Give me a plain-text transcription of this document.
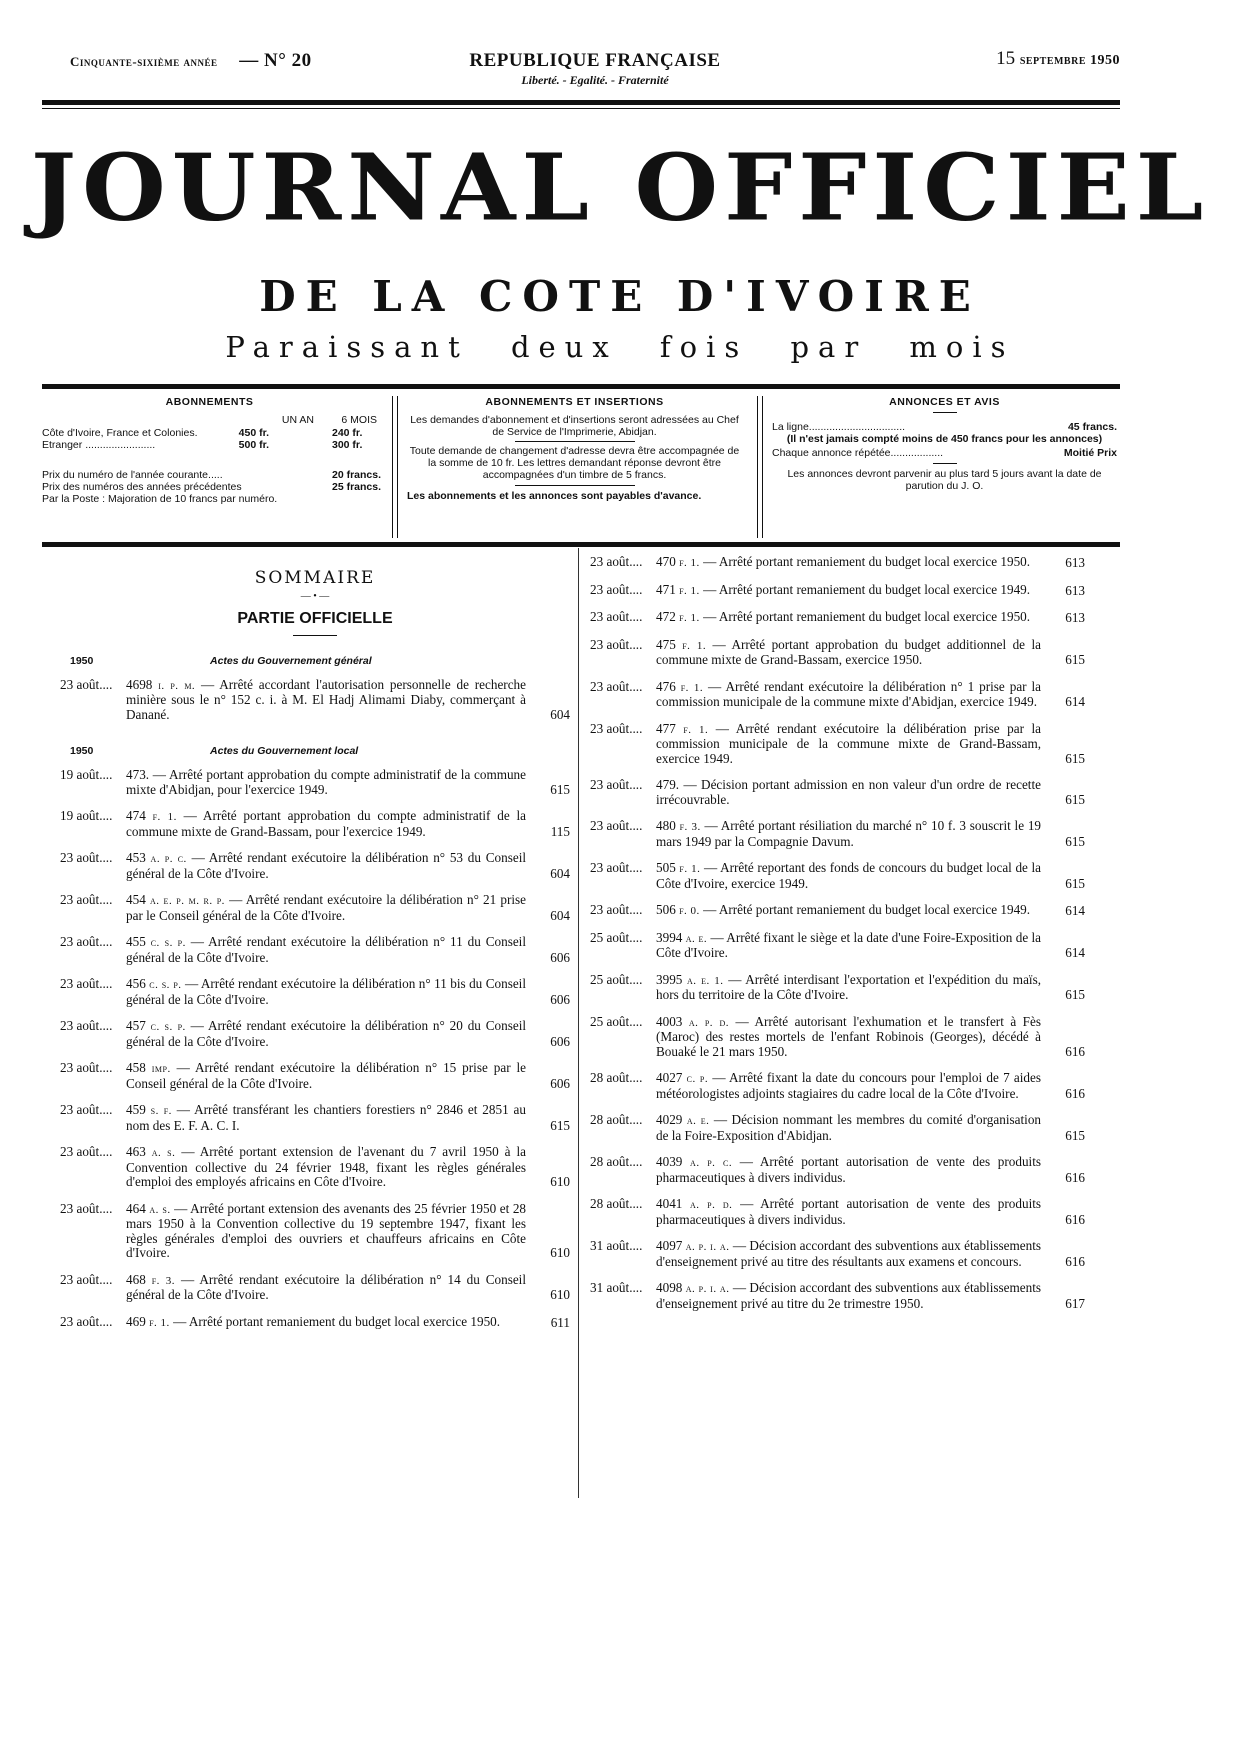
Cinquante-sixième année — N° 20	REPUBLIQUE FRANÇAISE
Liberté. - Egalité. - Fraternité
15 septembre 1950
JOURNAL OFFICIEL
DE LA COTE D'IVOIRE
Paraissant deux fois par mois
ABONNEMENTS
UN AN	6 MOIS
Côte d'Ivoire, France et Colonies.	450 fr.	240 fr.
Etranger ........................	500 fr.	300 fr.
Prix du numéro de l'année courante.....	20 francs.
Prix des numéros des années précédentes	25 francs.
Par la Poste : Majoration de 10 francs par numéro.
ABONNEMENTS ET INSERTIONS
Les demandes d'abonnement et d'insertions seront adressées au Chef de Service de l'Imprimerie, Abidjan.
Toute demande de changement d'adresse devra être accompagnée de la somme de 10 fr. Les lettres demandant réponse devront être accompagnées d'un timbre de 5 francs.
Les abonnements et les annonces sont payables d'avance.
ANNONCES ET AVIS
La ligne.................................	45 francs.
(Il n'est jamais compté moins de 450 francs pour les annonces)
Chaque annonce répétée..................	Moitié Prix
Les annonces devront parvenir au plus tard 5 jours avant la date de parution du J. O.
SOMMAIRE
— • —
PARTIE OFFICIELLE
1950	Actes du Gouvernement général
23 août....	4698 i. p. m. — Arrêté accordant l'autorisation personnelle de recherche minière sous le n° 152 c. i. à M. El Hadj Alimami Diaby, commerçant à Danané.	604
1950	Actes du Gouvernement local
19 août....	473. — Arrêté portant approbation du compte administratif de la commune mixte d'Abidjan, pour l'exercice 1949.	615
19 août....	474 f. 1. — Arrêté portant approbation du compte administratif de la commune mixte de Grand-Bassam, pour l'exercice 1949.	115
23 août....	453 a. p. c. — Arrêté rendant exécutoire la délibération n° 53 du Conseil général de la Côte d'Ivoire.	604
23 août....	454 a. e. p. m. r. p. — Arrêté rendant exécutoire la délibération n° 21 prise par le Conseil général de la Côte d'Ivoire.	604
23 août....	455 c. s. p. — Arrêté rendant exécutoire la délibération n° 11 du Conseil général de la Côte d'Ivoire.	606
23 août....	456 c. s. p. — Arrêté rendant exécutoire la délibération n° 11 bis du Conseil général de la Côte d'Ivoire.	606
23 août....	457 c. s. p. — Arrêté rendant exécutoire la délibération n° 20 du Conseil général de la Côte d'Ivoire.	606
23 août....	458 imp. — Arrêté rendant exécutoire la délibération n° 15 prise par le Conseil général de la Côte d'Ivoire.	606
23 août....	459 s. f. — Arrêté transférant les chantiers forestiers n° 2846 et 2851 au nom des E. F. A. C. I.	615
23 août....	463 a. s. — Arrêté portant extension de l'avenant du 7 avril 1950 à la Convention collective du 24 février 1948, fixant les règles générales d'emploi des employés africains en Côte d'Ivoire.	610
23 août....	464 a. s. — Arrêté portant extension des avenants des 25 février 1950 et 28 mars 1950 à la Convention collective du 19 septembre 1947, fixant les règles générales d'emploi des ouvriers et chauffeurs africains en Côte d'Ivoire.	610
23 août....	468 f. 3. — Arrêté rendant exécutoire la délibération n° 14 du Conseil général de la Côte d'Ivoire.	610
23 août....	469 f. 1. — Arrêté portant remaniement du budget local exercice 1950.	611
23 août....	470 f. 1. — Arrêté portant remaniement du budget local exercice 1950.	613
23 août....	471 f. 1. — Arrêté portant remaniement du budget local exercice 1949.	613
23 août....	472 f. 1. — Arrêté portant remaniement du budget local exercice 1950.	613
23 août....	475 f. 1. — Arrêté portant approbation du budget additionnel de la commune mixte de Grand-Bassam, exercice 1950.	615
23 août....	476 f. 1. — Arrêté rendant exécutoire la délibération n° 1 prise par la commission municipale de la commune mixte d'Abidjan, exercice 1949.	614
23 août....	477 f. 1. — Arrêté rendant exécutoire la délibération prise par la commission municipale de la commune mixte de Grand-Bassam, exercice 1949.	615
23 août....	479. — Décision portant admission en non valeur d'un ordre de recette irrécouvrable.	615
23 août....	480 f. 3. — Arrêté portant résiliation du marché n° 10 f. 3 souscrit le 19 mars 1949 par la Compagnie Davum.	615
23 août....	505 f. 1. — Arrêté reportant des fonds de concours du budget local de la Côte d'Ivoire, exercice 1949.	615
23 août....	506 f. 0. — Arrêté portant remaniement du budget local exercice 1949.	614
25 août....	3994 a. e. — Arrêté fixant le siège et la date d'une Foire-Exposition de la Côte d'Ivoire.	614
25 août....	3995 a. e. 1. — Arrêté interdisant l'exportation et l'expédition du maïs, hors du territoire de la Côte d'Ivoire.	615
25 août....	4003 a. p. d. — Arrêté autorisant l'exhumation et le transfert à Fès (Maroc) des restes mortels de l'enfant Robinois (Georges), décédé à Bouaké le 21 mars 1950.	616
28 août....	4027 c. p. — Arrêté fixant la date du concours pour l'emploi de 7 aides météorologistes adjoints stagiaires du cadre local de la Côte d'Ivoire.	616
28 août....	4029 a. e. — Décision nommant les membres du comité d'organisation de la Foire-Exposition d'Abidjan.	615
28 août....	4039 a. p. c. — Arrêté portant autorisation de vente des produits pharmaceutiques à divers individus.	616
28 août....	4041 a. p. d. — Arrêté portant autorisation de vente des produits pharmaceutiques à divers individus.	616
31 août....	4097 a. p. i. a. — Décision accordant des subventions aux établissements d'enseignement privé au titre des résultants aux examens et concours.	616
31 août....	4098 a. p. i. a. — Décision accordant des subventions aux établissements d'enseignement privé au titre du 2e trimestre 1950.	617
